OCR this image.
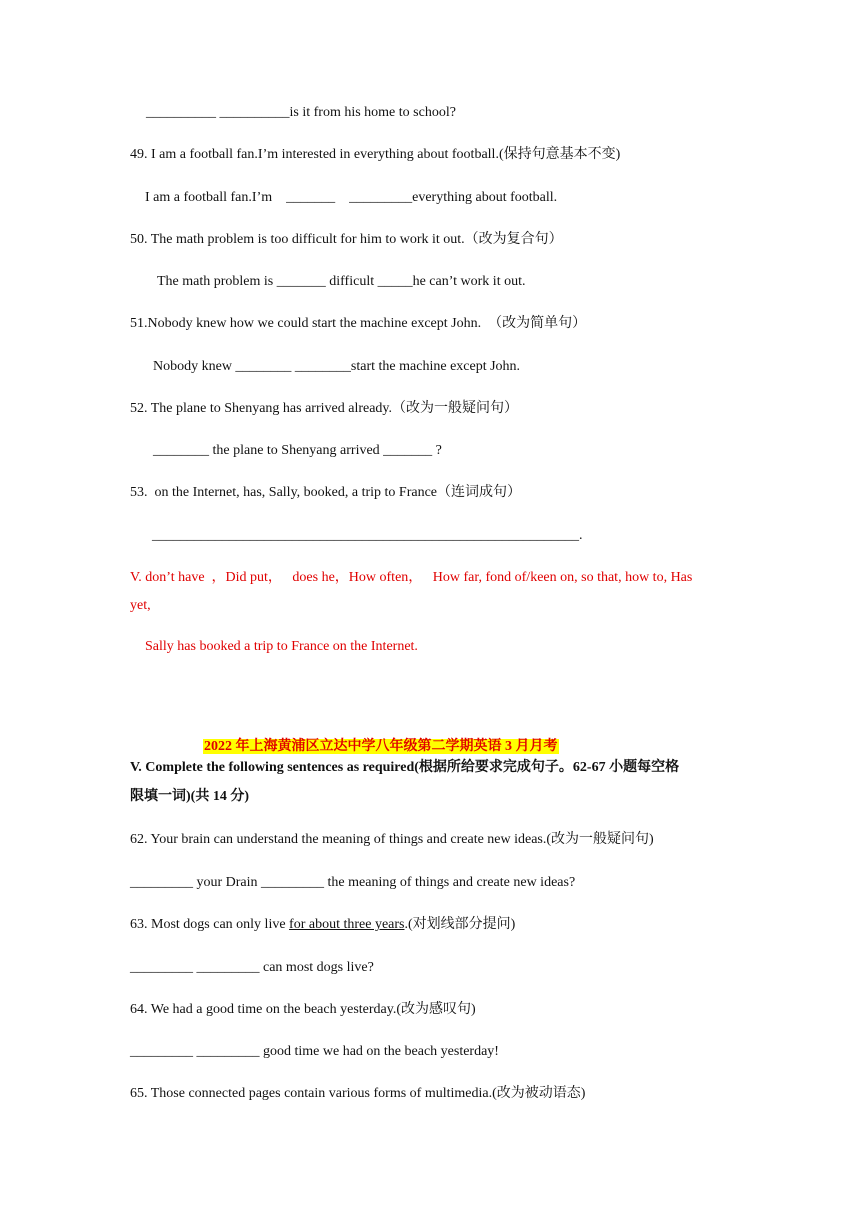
__________ __________is it from his home to school?
49. I am a football fan.I’m interested in everything about football.(保持句意基本不变)
I am a football fan.I’m    _______    _________everything about football.
50. The math problem is too difficult for him to work it out.（改为复合句）
The math problem is _______ difficult _____he can’t work it out.
51.Nobody knew how we could start the machine except John.  （改为简单句）
Nobody knew ________ ________start the machine except John.
52. The plane to Shenyang has arrived already.（改为一般疑问句）
________ the plane to Shenyang arrived _______ ?
53.  on the Internet, has, Sally, booked, a trip to France（连词成句）
_____________________________________________________________.
V. don’t have  ，Did put，   does he，How often，   How far, fond of/keen on, so that, how to, Has
yet,
Sally has booked a trip to France on the Internet.

2022 年上海黄浦区立达中学八年级第二学期英语 3 月月考

V. Complete the following sentences as required(根据所给要求完成句子。62-67 小题每空格
限填一词)(共 14 分)
62. Your brain can understand the meaning of things and create new ideas.(改为一般疑问句)
_________ your Drain _________ the meaning of things and create new ideas?
63. Most dogs can only live for about three years.(对划线部分提问)
_________ _________ can most dogs live?
64. We had a good time on the beach yesterday.(改为感叹句)
_________ _________ good time we had on the beach yesterday!
65. Those connected pages contain various forms of multimedia.(改为被动语态)
